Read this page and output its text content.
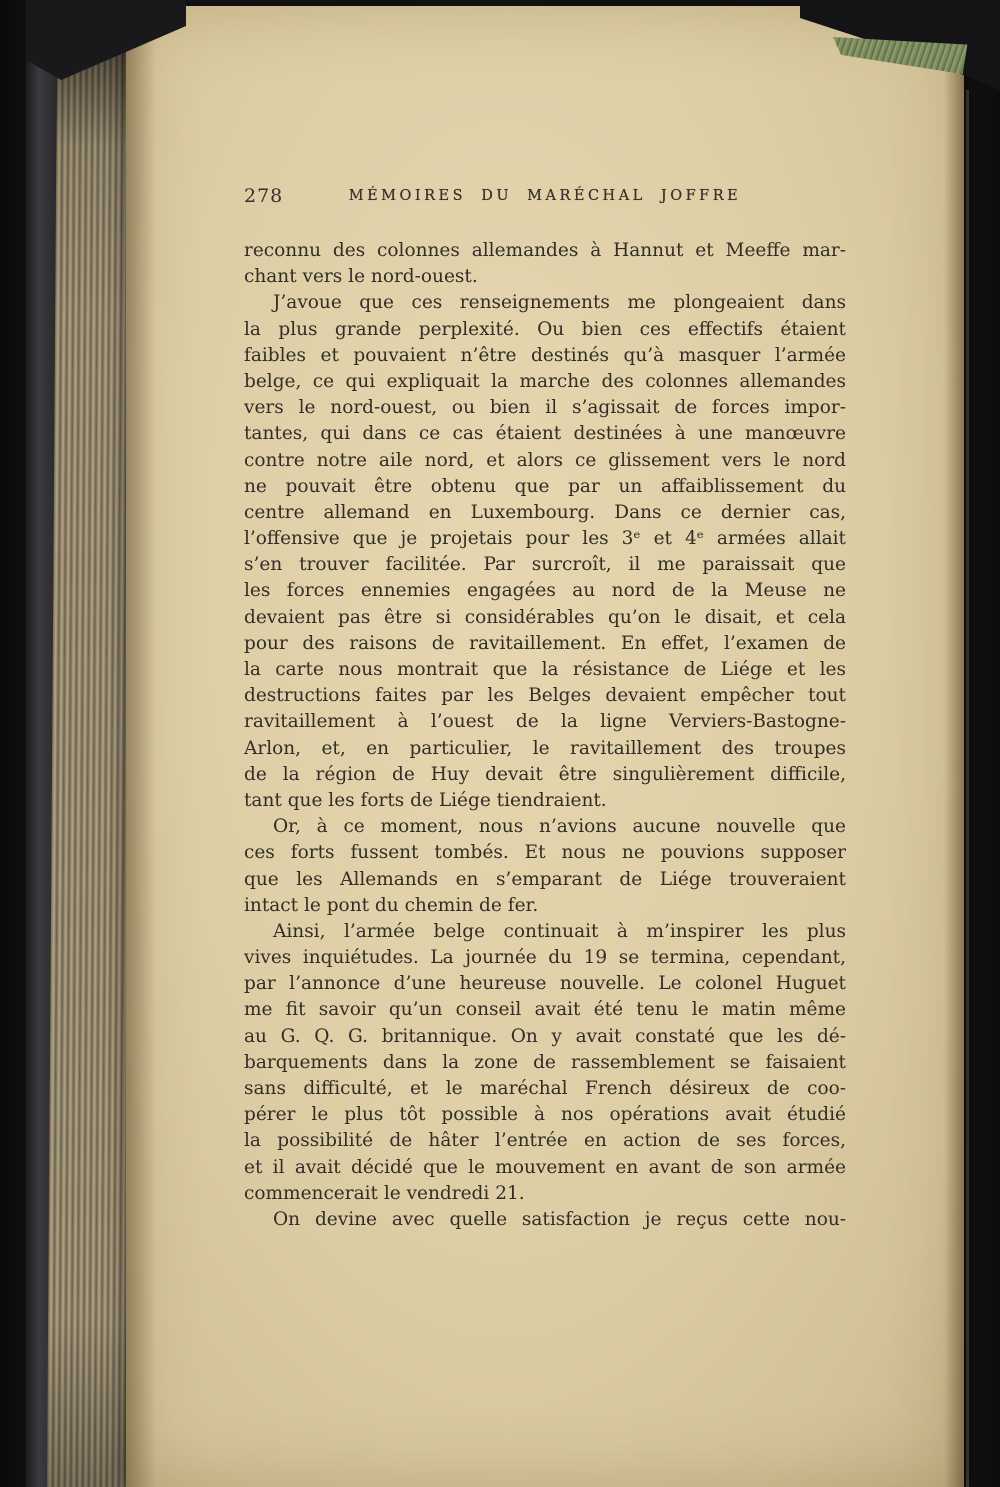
278	MÉMOIRES DU MARÉCHAL JOFFRE
reconnu des colonnes allemandes à Hannut et Meeffe mar-
chant vers le nord-ouest.
J’avoue que ces renseignements me plongeaient dans
la plus grande perplexité. Ou bien ces effectifs étaient
faibles et pouvaient n’être destinés qu’à masquer l’armée
belge, ce qui expliquait la marche des colonnes allemandes
vers le nord-ouest, ou bien il s’agissait de forces impor-
tantes, qui dans ce cas étaient destinées à une manœuvre
contre notre aile nord, et alors ce glissement vers le nord
ne pouvait être obtenu que par un affaiblissement du
centre allemand en Luxembourg. Dans ce dernier cas,
l’offensive que je projetais pour les 3ᵉ et 4ᵉ armées allait
s’en trouver facilitée. Par surcroît, il me paraissait que
les forces ennemies engagées au nord de la Meuse ne
devaient pas être si considérables qu’on le disait, et cela
pour des raisons de ravitaillement. En effet, l’examen de
la carte nous montrait que la résistance de Liége et les
destructions faites par les Belges devaient empêcher tout
ravitaillement à l’ouest de la ligne Verviers-Bastogne-
Arlon, et, en particulier, le ravitaillement des troupes
de la région de Huy devait être singulièrement difficile,
tant que les forts de Liége tiendraient.
Or, à ce moment, nous n’avions aucune nouvelle que
ces forts fussent tombés. Et nous ne pouvions supposer
que les Allemands en s’emparant de Liége trouveraient
intact le pont du chemin de fer.
Ainsi, l’armée belge continuait à m’inspirer les plus
vives inquiétudes. La journée du 19 se termina, cependant,
par l’annonce d’une heureuse nouvelle. Le colonel Huguet
me fit savoir qu’un conseil avait été tenu le matin même
au G. Q. G. britannique. On y avait constaté que les dé-
barquements dans la zone de rassemblement se faisaient
sans difficulté, et le maréchal French désireux de coo-
pérer le plus tôt possible à nos opérations avait étudié
la possibilité de hâter l’entrée en action de ses forces,
et il avait décidé que le mouvement en avant de son armée
commencerait le vendredi 21.
On devine avec quelle satisfaction je reçus cette nou-
